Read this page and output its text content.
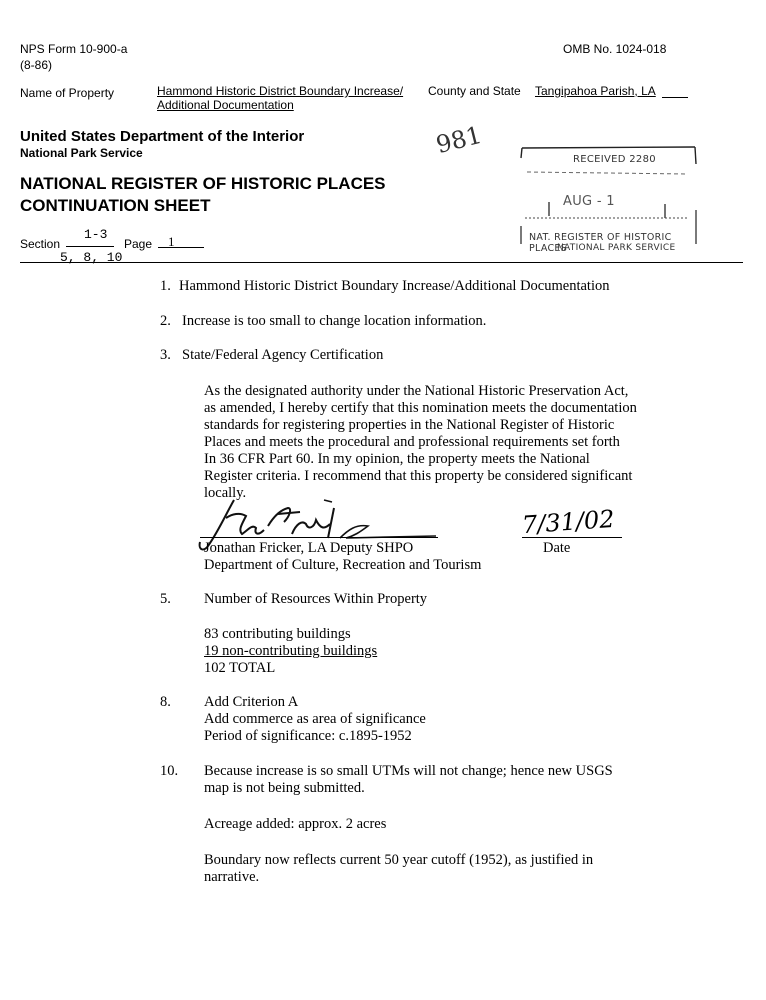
NPS Form 10-900-a
(8-86)
OMB No. 1024-018
Name of Property	Hammond Historic District Boundary Increase/
Additional Documentation
County and State Tangipahoa Parish, LA
United States Department of the Interior
National Park Service	981
NATIONAL REGISTER OF HISTORIC PLACES
CONTINUATION SHEET
Section
1-3
Page 1
5, 8, 10
RECEIVED 2280
AUG - 1
NAT. REGISTER OF HISTORIC PLACES
NATIONAL PARK SERVICE
1. Hammond Historic District Boundary Increase/Additional Documentation
2. Increase is too small to change location information.
3. State/Federal Agency Certification
As the designated authority under the National Historic Preservation Act,
as amended, I hereby certify that this nomination meets the documentation
standards for registering properties in the National Register of Historic
Places and meets the procedural and professional requirements set forth
In 36 CFR Part 60. In my opinion, the property meets the National
Register criteria. I recommend that this property be considered significant
locally.
Jonathan Fricker, LA Deputy SHPO
Department of Culture, Recreation and Tourism
7/31/02
Date
5. Number of Resources Within Property
83 contributing buildings
19 non-contributing buildings
102 TOTAL
8. Add Criterion A
Add commerce as area of significance
Period of significance: c.1895-1952
10. Because increase is so small UTMs will not change; hence new USGS
map is not being submitted.
Acreage added: approx. 2 acres
Boundary now reflects current 50 year cutoff (1952), as justified in
narrative.
